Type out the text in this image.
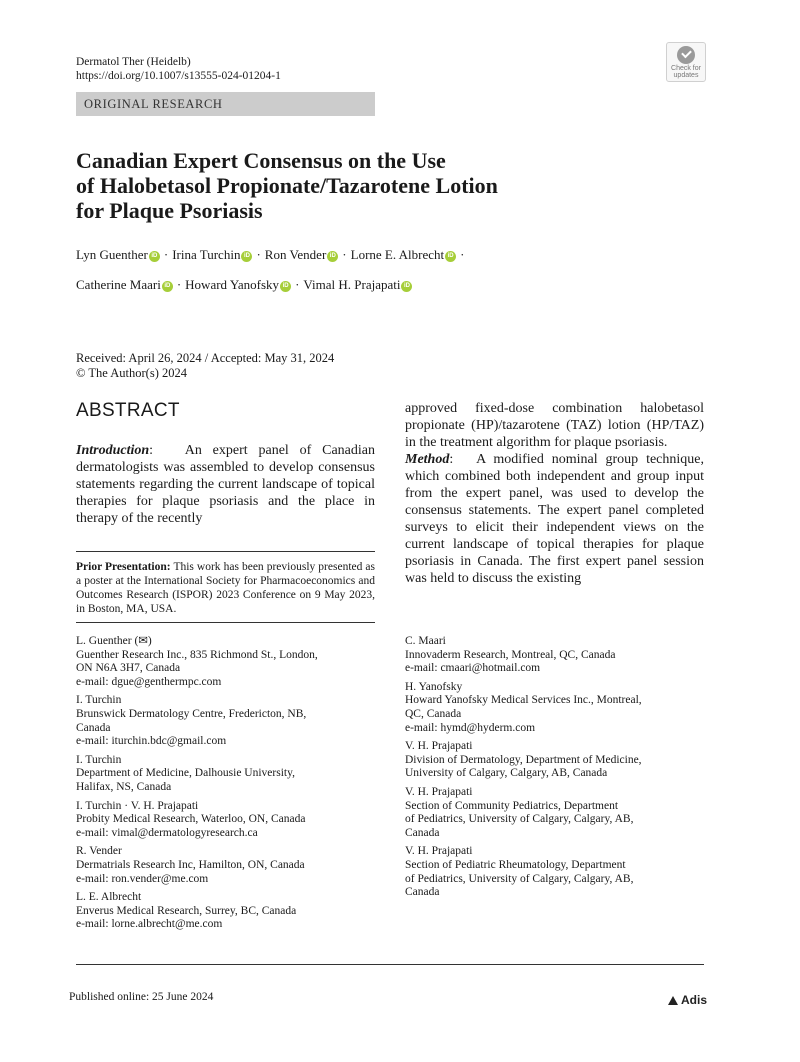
Dermatol Ther (Heidelb)
https://doi.org/10.1007/s13555-024-01204-1
Check for
updates
ORIGINAL RESEARCH
Canadian Expert Consensus on the Use
of Halobetasol Propionate/Tazarotene Lotion
for Plaque Psoriasis
Lyn Guenther iD · Irina Turchin iD · Ron Vender iD · Lorne E. Albrecht iD ·
Catherine Maari iD · Howard Yanofsky iD · Vimal H. Prajapati iD
Received: April 26, 2024 / Accepted: May 31, 2024
© The Author(s) 2024
ABSTRACT
Introduction:   An expert panel of Canadian dermatologists was assembled to develop consensus statements regarding the current landscape of topical therapies for plaque psoriasis and the place in therapy of the recently
approved fixed-dose combination halobetasol propionate (HP)/tazarotene (TAZ) lotion (HP/TAZ) in the treatment algorithm for plaque psoriasis.
Method:   A modified nominal group technique, which combined both independent and group input from the expert panel, was used to develop the consensus statements. The expert panel completed surveys to elicit their independent views on the current landscape of topical therapies for plaque psoriasis in Canada. The first expert panel session was held to discuss the existing
Prior Presentation: This work has been previously presented as a poster at the International Society for Pharmacoeconomics and Outcomes Research (ISPOR) 2023 Conference on 9 May 2023, in Boston, MA, USA.
L. Guenther (✉)
Guenther Research Inc., 835 Richmond St., London,
ON N6A 3H7, Canada
e-mail: dgue@genthermpc.com
I. Turchin
Brunswick Dermatology Centre, Fredericton, NB,
Canada
e-mail: iturchin.bdc@gmail.com
I. Turchin
Department of Medicine, Dalhousie University,
Halifax, NS, Canada
I. Turchin · V. H. Prajapati
Probity Medical Research, Waterloo, ON, Canada
e-mail: vimal@dermatologyresearch.ca
R. Vender
Dermatrials Research Inc, Hamilton, ON, Canada
e-mail: ron.vender@me.com
L. E. Albrecht
Enverus Medical Research, Surrey, BC, Canada
e-mail: lorne.albrecht@me.com
C. Maari
Innovaderm Research, Montreal, QC, Canada
e-mail: cmaari@hotmail.com
H. Yanofsky
Howard Yanofsky Medical Services Inc., Montreal,
QC, Canada
e-mail: hymd@hyderm.com
V. H. Prajapati
Division of Dermatology, Department of Medicine,
University of Calgary, Calgary, AB, Canada
V. H. Prajapati
Section of Community Pediatrics, Department
of Pediatrics, University of Calgary, Calgary, AB,
Canada
V. H. Prajapati
Section of Pediatric Rheumatology, Department
of Pediatrics, University of Calgary, Calgary, AB,
Canada
Published online: 25 June 2024	Adis
